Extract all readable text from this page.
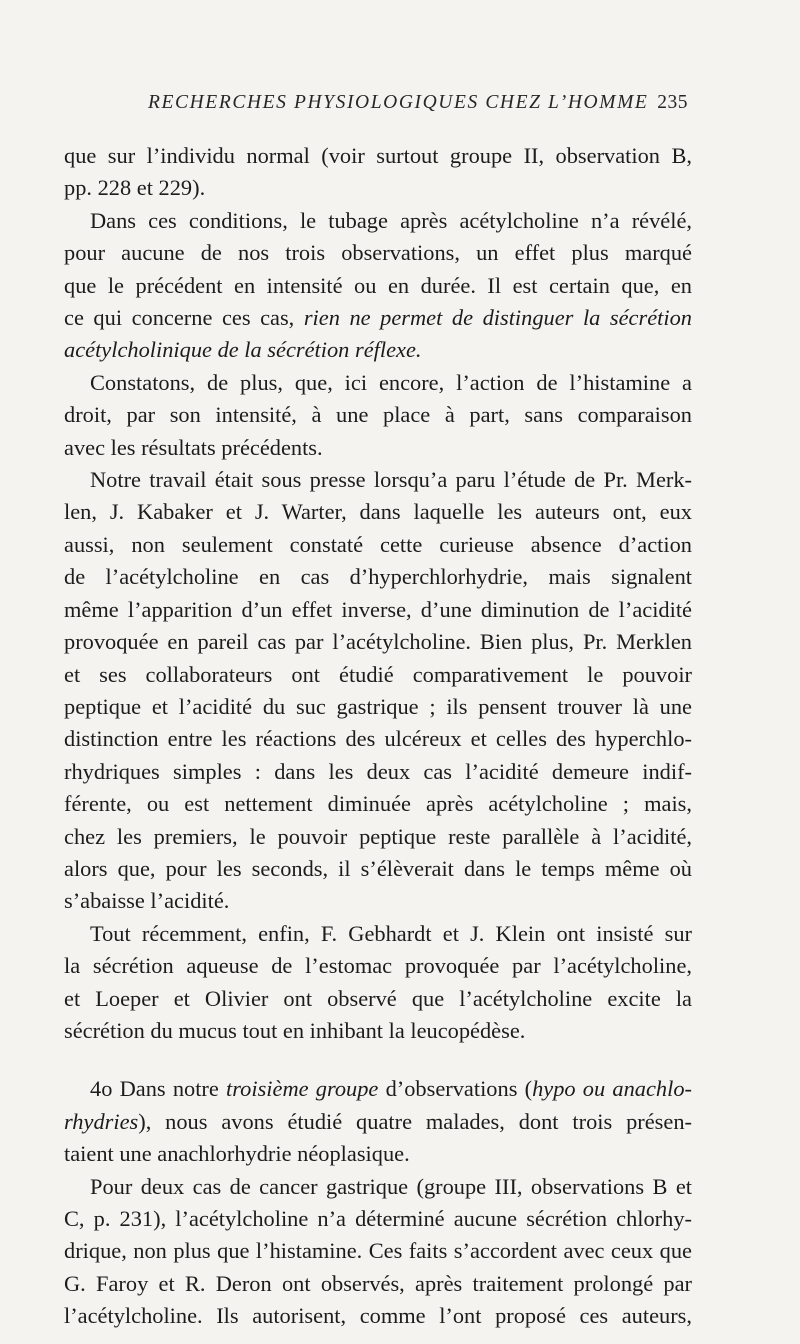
RECHERCHES PHYSIOLOGIQUES CHEZ L’HOMME 235
que sur l’individu normal (voir surtout groupe II, observation B,
pp. 228 et 229).
Dans ces conditions, le tubage après acétylcholine n’a révélé,
pour aucune de nos trois observations, un effet plus marqué
que le précédent en intensité ou en durée. Il est certain que, en
ce qui concerne ces cas, rien ne permet de distinguer la sécrétion
acétylcholinique de la sécrétion réflexe.
Constatons, de plus, que, ici encore, l’action de l’histamine a
droit, par son intensité, à une place à part, sans comparaison
avec les résultats précédents.
Notre travail était sous presse lorsqu’a paru l’étude de Pr. Merk-
len, J. Kabaker et J. Warter, dans laquelle les auteurs ont, eux
aussi, non seulement constaté cette curieuse absence d’action
de l’acétylcholine en cas d’hyperchlorhydrie, mais signalent
même l’apparition d’un effet inverse, d’une diminution de l’acidité
provoquée en pareil cas par l’acétylcholine. Bien plus, Pr. Merklen
et ses collaborateurs ont étudié comparativement le pouvoir
peptique et l’acidité du suc gastrique ; ils pensent trouver là une
distinction entre les réactions des ulcéreux et celles des hyperchlo-
rhydriques simples : dans les deux cas l’acidité demeure indif-
férente, ou est nettement diminuée après acétylcholine ; mais,
chez les premiers, le pouvoir peptique reste parallèle à l’acidité,
alors que, pour les seconds, il s’élèverait dans le temps même où
s’abaisse l’acidité.
Tout récemment, enfin, F. Gebhardt et J. Klein ont insisté sur
la sécrétion aqueuse de l’estomac provoquée par l’acétylcholine,
et Loeper et Olivier ont observé que l’acétylcholine excite la
sécrétion du mucus tout en inhibant la leucopédèse.
4o Dans notre troisième groupe d’observations (hypo ou anachlo-
rhydries), nous avons étudié quatre malades, dont trois présen-
taient une anachlorhydrie néoplasique.
Pour deux cas de cancer gastrique (groupe III, observations B et
C, p. 231), l’acétylcholine n’a déterminé aucune sécrétion chlorhy-
drique, non plus que l’histamine. Ces faits s’accordent avec ceux que
G. Faroy et R. Deron ont observés, après traitement prolongé par
l’acétylcholine. Ils autorisent, comme l’ont proposé ces auteurs,
